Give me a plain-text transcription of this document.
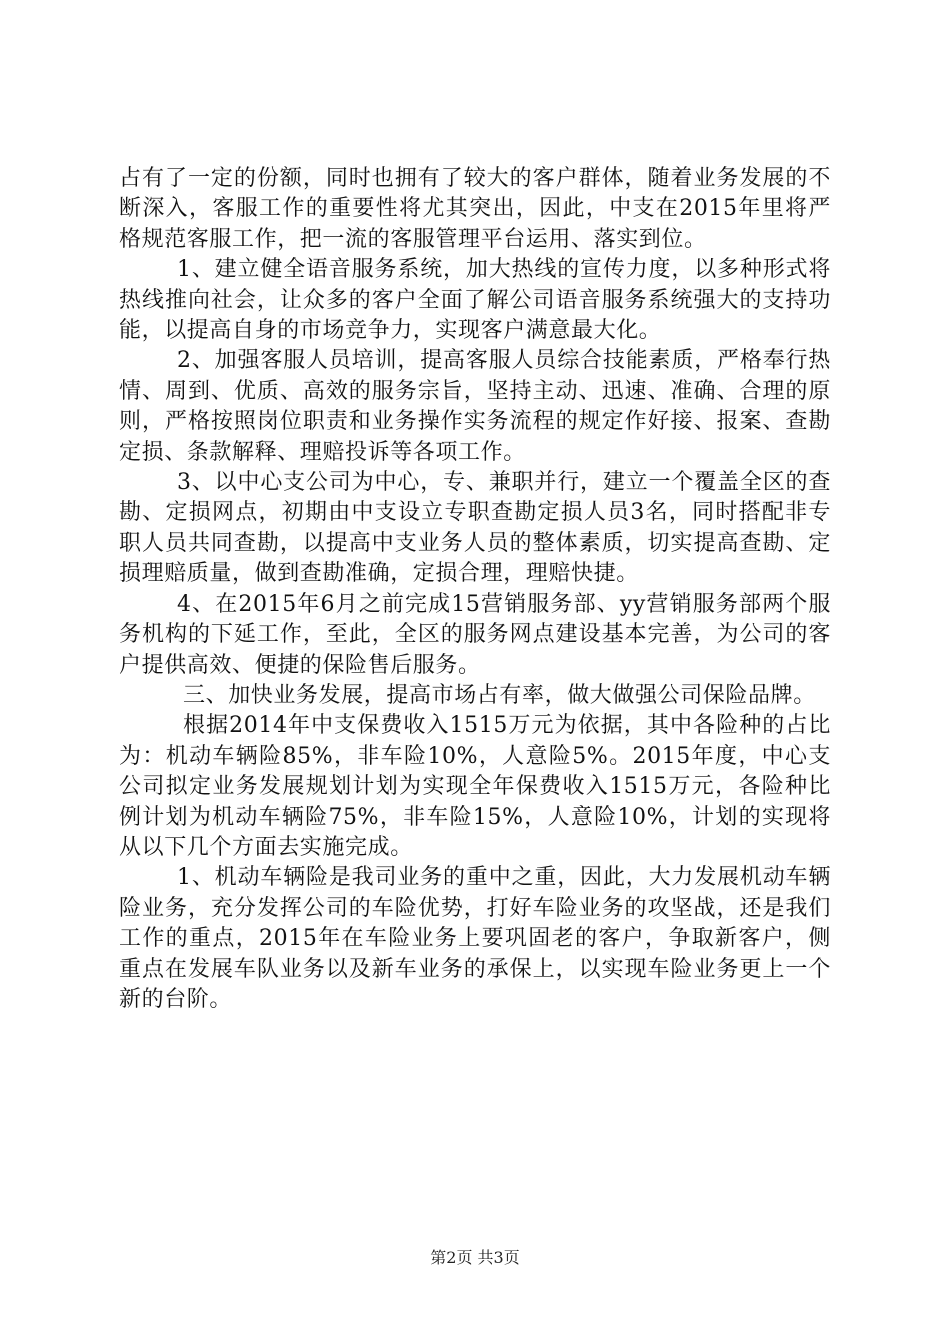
占有了一定的份额，同时也拥有了较大的客户群体，随着业务发展的不断深入，客服工作的重要性将尤其突出，因此，中支在2015年里将严格规范客服工作，把一流的客服管理平台运用、落实到位。

1、建立健全语音服务系统，加大热线的宣传力度，以多种形式将热线推向社会，让众多的客户全面了解公司语音服务系统强大的支持功能，以提高自身的市场竞争力，实现客户满意最大化。

2、加强客服人员培训，提高客服人员综合技能素质，严格奉行热情、周到、优质、高效的服务宗旨，坚持主动、迅速、准确、合理的原则，严格按照岗位职责和业务操作实务流程的规定作好接、报案、查勘定损、条款解释、理赔投诉等各项工作。

3、以中心支公司为中心，专、兼职并行，建立一个覆盖全区的查勘、定损网点，初期由中支设立专职查勘定损人员3名，同时搭配非专职人员共同查勘，以提高中支业务人员的整体素质，切实提高查勘、定损理赔质量，做到查勘准确，定损合理，理赔快捷。

4、在2015年6月之前完成15营销服务部、yy营销服务部两个服务机构的下延工作，至此，全区的服务网点建设基本完善，为公司的客户提供高效、便捷的保险售后服务。

三、加快业务发展，提高市场占有率，做大做强公司保险品牌。

根据2014年中支保费收入1515万元为依据，其中各险种的占比为：机动车辆险85%，非车险10%，人意险5%。2015年度，中心支公司拟定业务发展规划计划为实现全年保费收入1515万元，各险种比例计划为机动车辆险75%，非车险15%，人意险10%，计划的实现将从以下几个方面去实施完成。

1、机动车辆险是我司业务的重中之重，因此，大力发展机动车辆险业务，充分发挥公司的车险优势，打好车险业务的攻坚战，还是我们工作的重点，2015年在车险业务上要巩固老的客户，争取新客户，侧重点在发展车队业务以及新车业务的承保上，以实现车险业务更上一个新的台阶。

第2页 共3页
